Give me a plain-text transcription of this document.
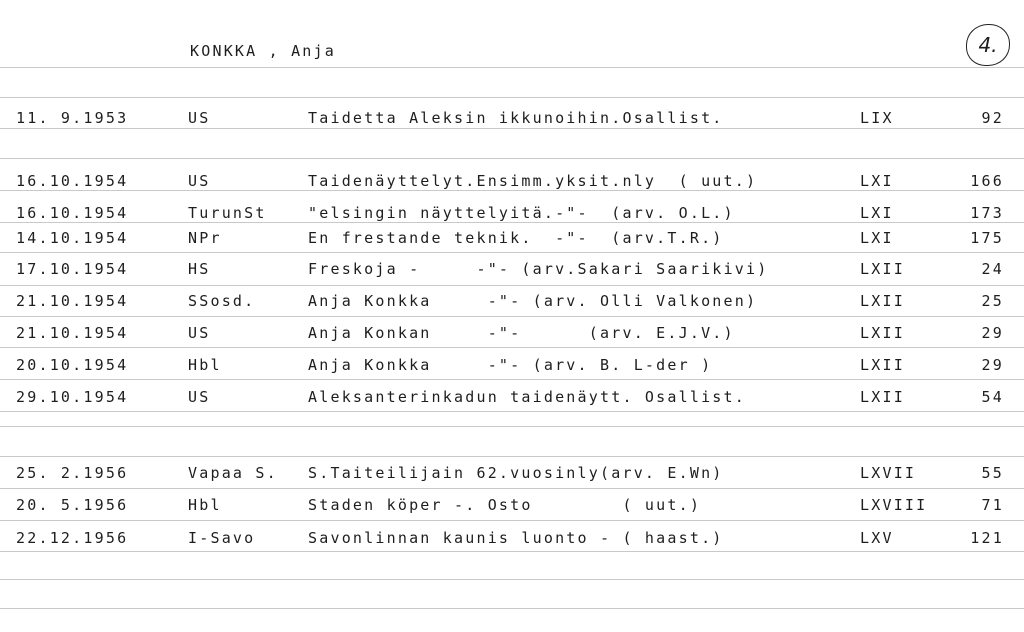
KONKKA , Anja	4.
11. 9.1953	US	Taidetta Aleksin ikkunoihin.Osallist.	LIX	92
16.10.1954	US	Taidenäyttelyt.Ensimm.yksit.nly  ( uut.)	LXI	166
16.10.1954	TurunSt	"elsingin näyttelyitä.-"-  (arv. O.L.)	LXI	173
14.10.1954	NPr	En frestande teknik.  -"-  (arv.T.R.)	LXI	175
17.10.1954	HS	Freskoja -     -"- (arv.Sakari Saarikivi)	LXII	24
21.10.1954	SSosd.	Anja Konkka     -"- (arv. Olli Valkonen)	LXII	25
21.10.1954	US	Anja Konkan     -"-      (arv. E.J.V.)	LXII	29
20.10.1954	Hbl	Anja Konkka     -"- (arv. B. L-der )	LXII	29
29.10.1954	US	Aleksanterinkadun taidenäytt. Osallist.	LXII	54
25. 2.1956	Vapaa S. S.Taiteilijain 62.vuosinly(arv. E.Wn)	LXVII	55
20. 5.1956	Hbl	Staden köper -. Osto        ( uut.)	LXVIII	71
22.12.1956	I-Savo	Savonlinnan kaunis luonto - ( haast.)	LXV	121
